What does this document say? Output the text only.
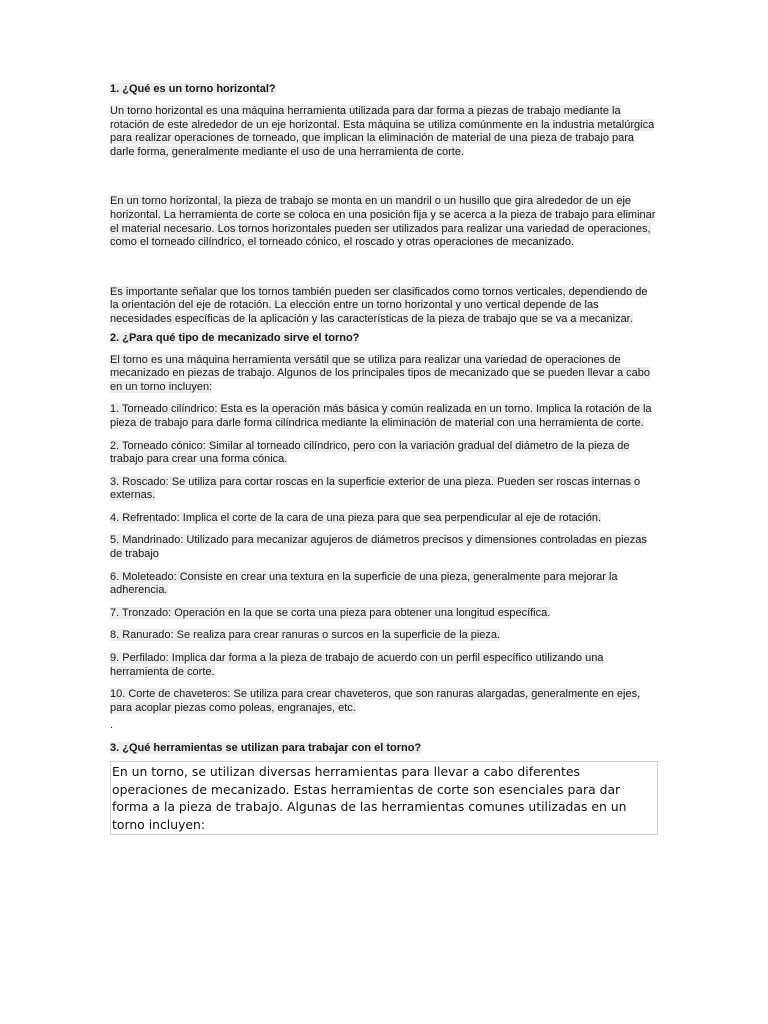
1. ¿Qué es un torno horizontal?

Un torno horizontal es una máquina herramienta utilizada para dar forma a piezas de trabajo mediante la rotación de este alrededor de un eje horizontal. Esta máquina se utiliza comúnmente en la industria metalúrgica para realizar operaciones de torneado, que implican la eliminación de material de una pieza de trabajo para darle forma, generalmente mediante el uso de una herramienta de corte.

En un torno horizontal, la pieza de trabajo se monta en un mandril o un husillo que gira alrededor de un eje horizontal. La herramienta de corte se coloca en una posición fija y se acerca a la pieza de trabajo para eliminar el material necesario. Los tornos horizontales pueden ser utilizados para realizar una variedad de operaciones, como el torneado cilíndrico, el torneado cónico, el roscado y otras operaciones de mecanizado.

Es importante señalar que los tornos también pueden ser clasificados como tornos verticales, dependiendo de la orientación del eje de rotación. La elección entre un torno horizontal y uno vertical depende de las necesidades específicas de la aplicación y las características de la pieza de trabajo que se va a mecanizar.

2. ¿Para qué tipo de mecanizado sirve el torno?

El torno es una máquina herramienta versátil que se utiliza para realizar una variedad de operaciones de mecanizado en piezas de trabajo. Algunos de los principales tipos de mecanizado que se pueden llevar a cabo en un torno incluyen:

1. Torneado cilíndrico: Esta es la operación más básica y común realizada en un torno. Implica la rotación de la pieza de trabajo para darle forma cilíndrica mediante la eliminación de material con una herramienta de corte.

2. Torneado cónico: Similar al torneado cilíndrico, pero con la variación gradual del diámetro de la pieza de trabajo para crear una forma cónica.

3. Roscado: Se utiliza para cortar roscas en la superficie exterior de una pieza. Pueden ser roscas internas o externas.

4. Refrentado: Implica el corte de la cara de una pieza para que sea perpendicular al eje de rotación.

5. Mandrinado: Utilizado para mecanizar agujeros de diámetros precisos y dimensiones controladas en piezas de trabajo

6. Moleteado: Consiste en crear una textura en la superficie de una pieza, generalmente para mejorar la adherencia.

7. Tronzado: Operación en la que se corta una pieza para obtener una longitud específica.

8. Ranurado: Se realiza para crear ranuras o surcos en la superficie de la pieza.

9. Perfilado: Implica dar forma a la pieza de trabajo de acuerdo con un perfil específico utilizando una herramienta de corte.

10. Corte de chaveteros: Se utiliza para crear chaveteros, que son ranuras alargadas, generalmente en ejes, para acoplar piezas como poleas, engranajes, etc.

.

3. ¿Qué herramientas se utilizan para trabajar con el torno?

En un torno, se utilizan diversas herramientas para llevar a cabo diferentes operaciones de mecanizado. Estas herramientas de corte son esenciales para dar forma a la pieza de trabajo. Algunas de las herramientas comunes utilizadas en un torno incluyen:
